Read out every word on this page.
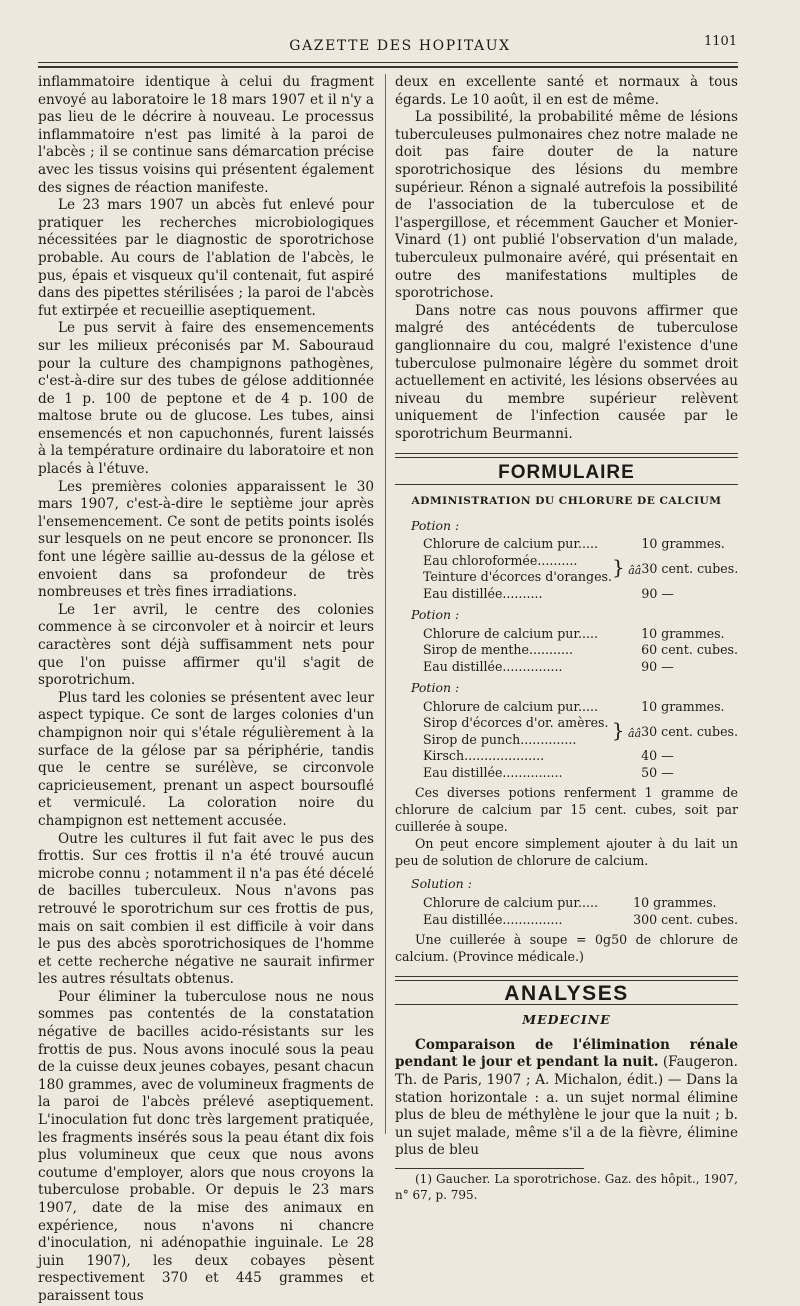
GAZETTE DES HOPITAUX	1101

inflammatoire identique à celui du fragment envoyé au laboratoire le 18 mars 1907 et il n'y a pas lieu de le décrire à nouveau. Le processus inflammatoire n'est pas limité à la paroi de l'abcès ; il se continue sans démarcation précise avec les tissus voisins qui présentent également des signes de réaction manifeste.

Le 23 mars 1907 un abcès fut enlevé pour pratiquer les recherches microbiologiques nécessitées par le diagnostic de sporotrichose probable. Au cours de l'ablation de l'abcès, le pus, épais et visqueux qu'il contenait, fut aspiré dans des pipettes stérilisées ; la paroi de l'abcès fut extirpée et recueillie aseptiquement.

Le pus servit à faire des ensemencements sur les milieux préconisés par M. Sabouraud pour la culture des champignons pathogènes, c'est-à-dire sur des tubes de gélose additionnée de 1 p. 100 de peptone et de 4 p. 100 de maltose brute ou de glucose. Les tubes, ainsi ensemencés et non capuchonnés, furent laissés à la température ordinaire du laboratoire et non placés à l'étuve.

Les premières colonies apparaissent le 30 mars 1907, c'est-à-dire le septième jour après l'ensemencement. Ce sont de petits points isolés sur lesquels on ne peut encore se prononcer. Ils font une légère saillie au-dessus de la gélose et envoient dans sa profondeur de très nombreuses et très fines irradiations.

Le 1er avril, le centre des colonies commence à se circonvoler et à noircir et leurs caractères sont déjà suffisamment nets pour que l'on puisse affirmer qu'il s'agit de sporotrichum.

Plus tard les colonies se présentent avec leur aspect typique. Ce sont de larges colonies d'un champignon noir qui s'étale régulièrement à la surface de la gélose par sa périphérie, tandis que le centre se surélève, se circonvole capricieusement, prenant un aspect boursouflé et vermiculé. La coloration noire du champignon est nettement accusée.

Outre les cultures il fut fait avec le pus des frottis. Sur ces frottis il n'a été trouvé aucun microbe connu ; notamment il n'a pas été décelé de bacilles tuberculeux. Nous n'avons pas retrouvé le sporotrichum sur ces frottis de pus, mais on sait combien il est difficile à voir dans le pus des abcès sporotrichosiques de l'homme et cette recherche négative ne saurait infirmer les autres résultats obtenus.

Pour éliminer la tuberculose nous ne nous sommes pas contentés de la constatation négative de bacilles acido-résistants sur les frottis de pus. Nous avons inoculé sous la peau de la cuisse deux jeunes cobayes, pesant chacun 180 grammes, avec de volumineux fragments de la paroi de l'abcès prélevé aseptiquement. L'inoculation fut donc très largement pratiquée, les fragments insérés sous la peau étant dix fois plus volumineux que ceux que nous avons coutume d'employer, alors que nous croyons la tuberculose probable. Or depuis le 23 mars 1907, date de la mise des animaux en expérience, nous n'avons ni chancre d'inoculation, ni adénopathie inguinale. Le 28 juin 1907), les deux cobayes pèsent respectivement 370 et 445 grammes et paraissent tous

deux en excellente santé et normaux à tous égards. Le 10 août, il en est de même.

La possibilité, la probabilité même de lésions tuberculeuses pulmonaires chez notre malade ne doit pas faire douter de la nature sporotrichosique des lésions du membre supérieur. Rénon a signalé autrefois la possibilité de l'association de la tuberculose et de l'aspergillose, et récemment Gaucher et Monier-Vinard (1) ont publié l'observation d'un malade, tuberculeux pulmonaire avéré, qui présentait en outre des manifestations multiples de sporotrichose.

Dans notre cas nous pouvons affirmer que malgré des antécédents de tuberculose ganglionnaire du cou, malgré l'existence d'une tuberculose pulmonaire légère du sommet droit actuellement en activité, les lésions observées au niveau du membre supérieur relèvent uniquement de l'infection causée par le sporotrichum Beurmanni.

FORMULAIRE
ADMINISTRATION DU CHLORURE DE CALCIUM
Potion :
Chlorure de calcium pur.....		10 grammes.
Eau chloroformée..........	} ââ	30 cent. cubes.
Teinture d'écorces d'oranges.		
Eau distillée..........		90 —
Potion :
Chlorure de calcium pur.....		10 grammes.
Sirop de menthe...........		60 cent. cubes.
Eau distillée...............		90 —
Potion :
Chlorure de calcium pur.....		10 grammes.
Sirop d'écorces d'or. amères.	} ââ	30 cent. cubes.
Sirop de punch..............		
Kirsch....................		40 —
Eau distillée...............		50 —

Ces diverses potions renferment 1 gramme de chlorure de calcium par 15 cent. cubes, soit par cuillerée à soupe.

On peut encore simplement ajouter à du lait un peu de solution de chlorure de calcium.

Solution :
Chlorure de calcium pur.....		10 grammes.
Eau distillée...............		300 cent. cubes.

Une cuillerée à soupe = 0g50 de chlorure de calcium. (Province médicale.)

ANALYSES
MEDECINE

Comparaison de l'élimination rénale pendant le jour et pendant la nuit. (Faugeron. Th. de Paris, 1907 ; A. Michalon, édit.) — Dans la station horizontale : a. un sujet normal élimine plus de bleu de méthylène le jour que la nuit ; b. un sujet malade, même s'il a de la fièvre, élimine plus de bleu

(1) Gaucher. La sporotrichose. Gaz. des hôpit., 1907, n° 67, p. 795.
